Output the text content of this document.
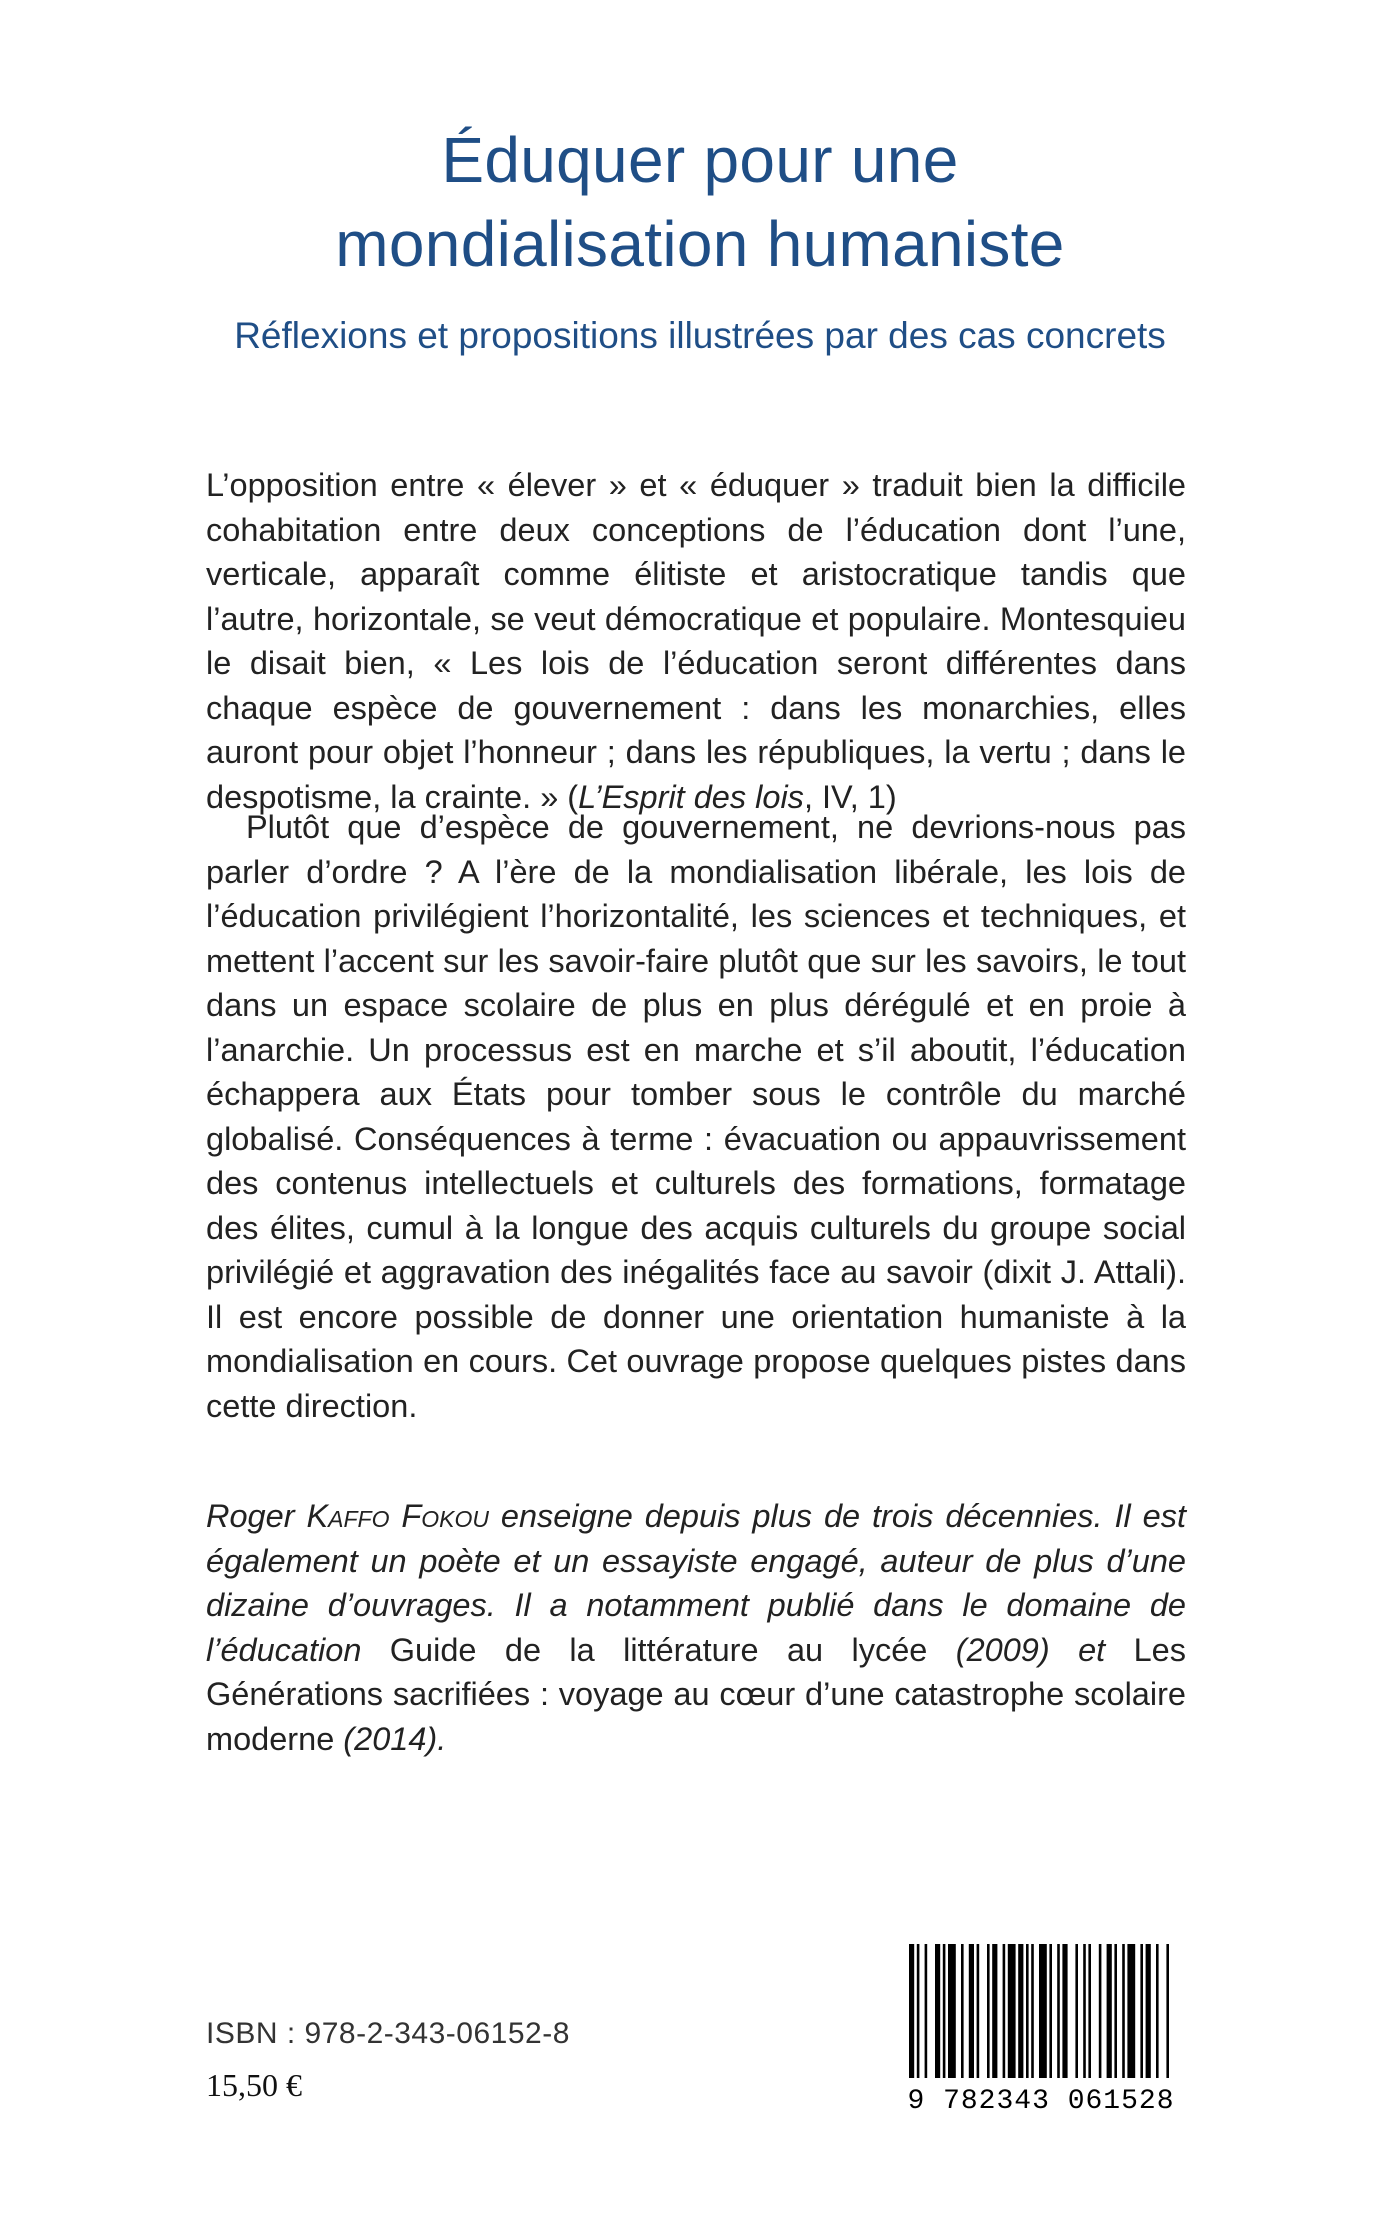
Éduquer pour une
mondialisation humaniste
Réflexions et propositions illustrées par des cas concrets
L’opposition entre « élever » et « éduquer » traduit bien la difficile cohabitation entre deux conceptions de l’éducation dont l’une, verticale, apparaît comme élitiste et aristocratique tandis que l’autre, horizontale, se veut démocratique et populaire. Montesquieu le disait bien, « Les lois de l’éducation seront différentes dans chaque espèce de gouvernement : dans les monarchies, elles auront pour objet l’honneur ; dans les républiques, la vertu ; dans le despotisme, la crainte. » (L’Esprit des lois, IV, 1)
Plutôt que d’espèce de gouvernement, ne devrions-nous pas parler d’ordre ? A l’ère de la mondialisation libérale, les lois de l’éducation privilégient l’horizontalité, les sciences et techniques, et mettent l’accent sur les savoir-faire plutôt que sur les savoirs, le tout dans un espace scolaire de plus en plus dérégulé et en proie à l’anarchie. Un processus est en marche et s’il aboutit, l’éducation échappera aux États pour tomber sous le contrôle du marché globalisé. Conséquences à terme : évacuation ou appauvrissement des contenus intellectuels et culturels des formations, formatage des élites, cumul à la longue des acquis culturels du groupe social privilégié et aggravation des inégalités face au savoir (dixit J. Attali). Il est encore possible de donner une orientation humaniste à la mondialisation en cours. Cet ouvrage propose quelques pistes dans cette direction.
Roger Kaffo Fokou enseigne depuis plus de trois décennies. Il est également un poète et un essayiste engagé, auteur de plus d’une dizaine d’ouvrages. Il a notamment publié dans le domaine de l’éducation Guide de la littérature au lycée (2009) et Les Générations sacrifiées : voyage au cœur d’une catastrophe scolaire moderne (2014).
ISBN : 978-2-343-06152-8
15,50 €	9 782343 061528
